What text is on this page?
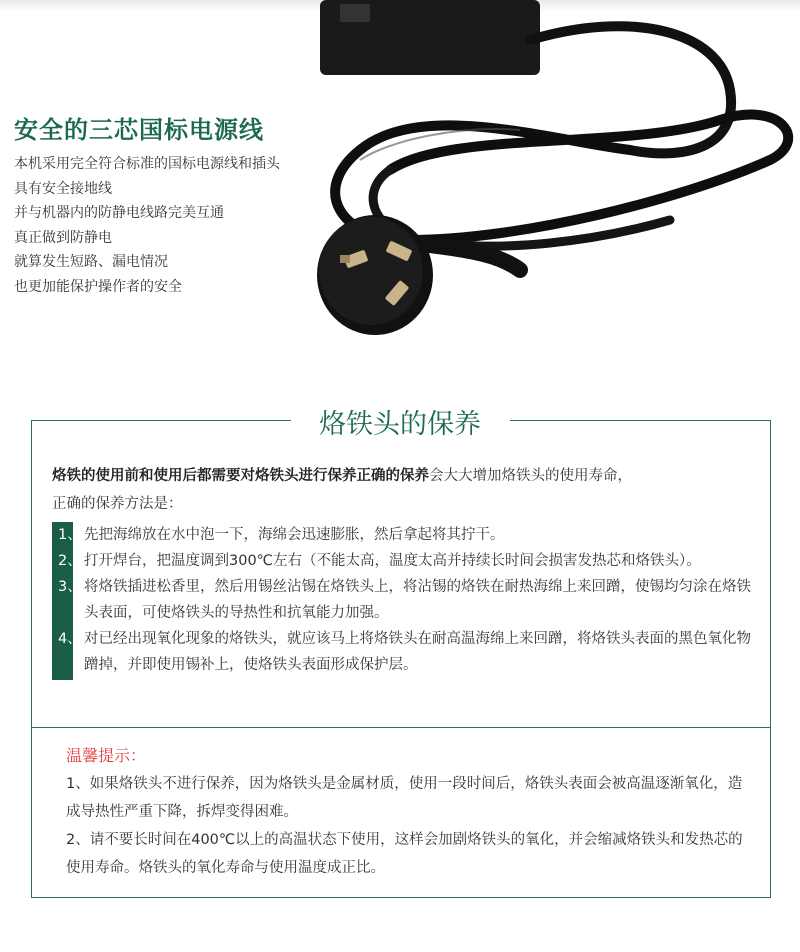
安全的三芯国标电源线
本机采用完全符合标准的国标电源线和插头
具有安全接地线
并与机器内的防静电线路完美互通
真正做到防静电
就算发生短路、漏电情况
也更加能保护操作者的安全
烙铁头的保养
烙铁的使用前和使用后都需要对烙铁头进行保养正确的保养会大大增加烙铁头的使用寿命，
正确的保养方法是：
1、 先把海绵放在水中泡一下，海绵会迅速膨胀，然后拿起将其拧干。
2、 打开焊台，把温度调到300℃左右（不能太高，温度太高并持续长时间会损害发热芯和烙铁头）。
3、 将烙铁插进松香里，然后用锡丝沾锡在烙铁头上，将沾锡的烙铁在耐热海绵上来回蹭，使锡均匀涂在烙铁头表面，可使烙铁头的导热性和抗氧能力加强。
4、 对已经出现氧化现象的烙铁头，就应该马上将烙铁头在耐高温海绵上来回蹭，将烙铁头表面的黑色氧化物蹭掉，并即使用锡补上，使烙铁头表面形成保护层。
温馨提示：
1、如果烙铁头不进行保养，因为烙铁头是金属材质，使用一段时间后，烙铁头表面会被高温逐渐氧化，造成导热性严重下降，拆焊变得困难。
2、请不要长时间在400℃以上的高温状态下使用，这样会加剧烙铁头的氧化，并会缩减烙铁头和发热芯的使用寿命。烙铁头的氧化寿命与使用温度成正比。
